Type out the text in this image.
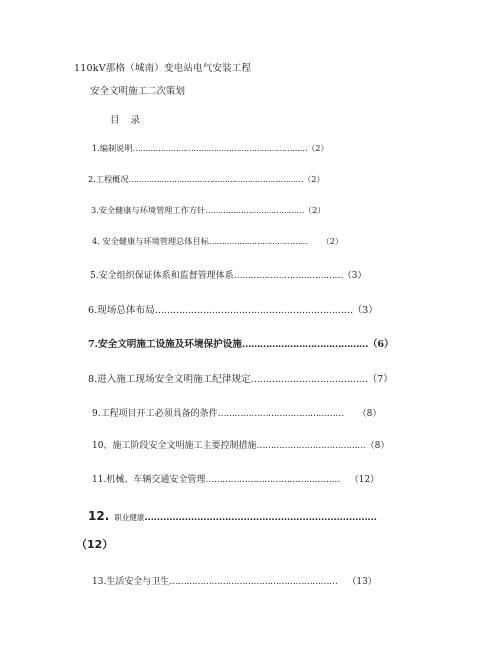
110kV那格（城南）变电站电气安装工程
安全文明施工二次策划
目 录
1.编制说明……………………………………………………………（2）
2.工程概况……………………………………………………………（2）
3.安全健康与环境管理工作方针…………………………………（2）
4. 安全健康与环境管理总体目标………………………………… （2）
5.安全组织保证体系和监督管理体系…………………………………（3）
6.现场总体布局…………………………………………………………（3）
7.安全文明施工设施及环境保护设施……………………………………（6）
8.进入施工现场安全文明施工纪律规定…………………………………（7）
9.工程项目开工必须具备的条件……………………………………… （8）
10、施工阶段安全文明施工主要控制措施…………………………………（8）
11.机械、车辆交通安全管理………………………………………… （12）
12. 职业健康…………………………………………………………………
（12）
13.生活安全与卫生…………………………………………………… （13）
